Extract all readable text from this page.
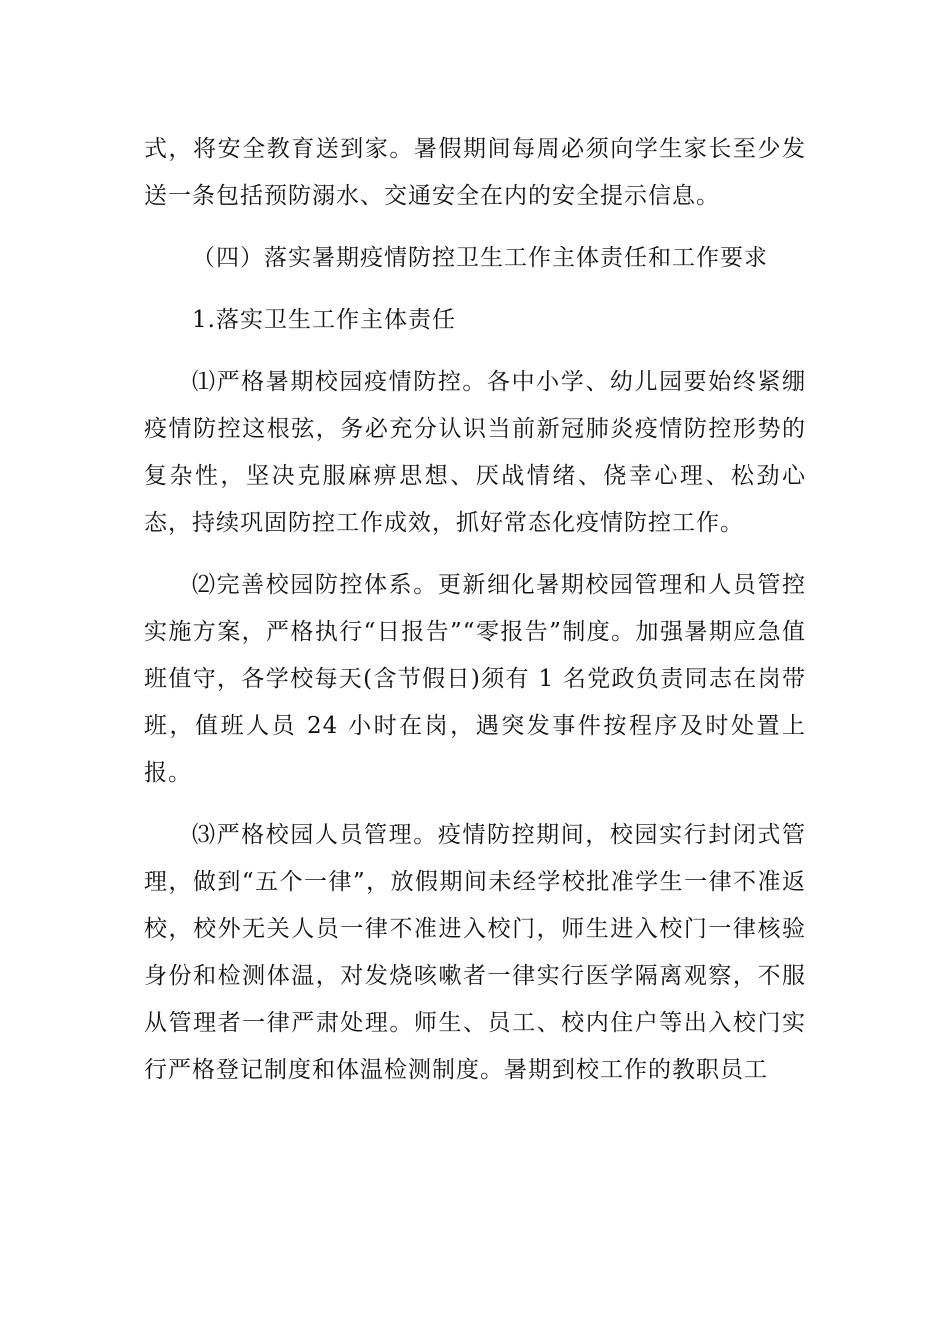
式，将安全教育送到家。暑假期间每周必须向学生家长至少发送一条包括预防溺水、交通安全在内的安全提示信息。

（四）落实暑期疫情防控卫生工作主体责任和工作要求

1.落实卫生工作主体责任

⑴严格暑期校园疫情防控。各中小学、幼儿园要始终紧绷疫情防控这根弦，务必充分认识当前新冠肺炎疫情防控形势的复杂性，坚决克服麻痹思想、厌战情绪、侥幸心理、松劲心态，持续巩固防控工作成效，抓好常态化疫情防控工作。

⑵完善校园防控体系。更新细化暑期校园管理和人员管控实施方案，严格执行“日报告”“零报告”制度。加强暑期应急值班值守，各学校每天(含节假日)须有 1 名党政负责同志在岗带班，值班人员 24 小时在岗，遇突发事件按程序及时处置上报。

⑶严格校园人员管理。疫情防控期间，校园实行封闭式管理，做到“五个一律”，放假期间未经学校批准学生一律不准返校，校外无关人员一律不准进入校门，师生进入校门一律核验身份和检测体温，对发烧咳嗽者一律实行医学隔离观察，不服从管理者一律严肃处理。师生、员工、校内住户等出入校门实行严格登记制度和体温检测制度。暑期到校工作的教职员工
